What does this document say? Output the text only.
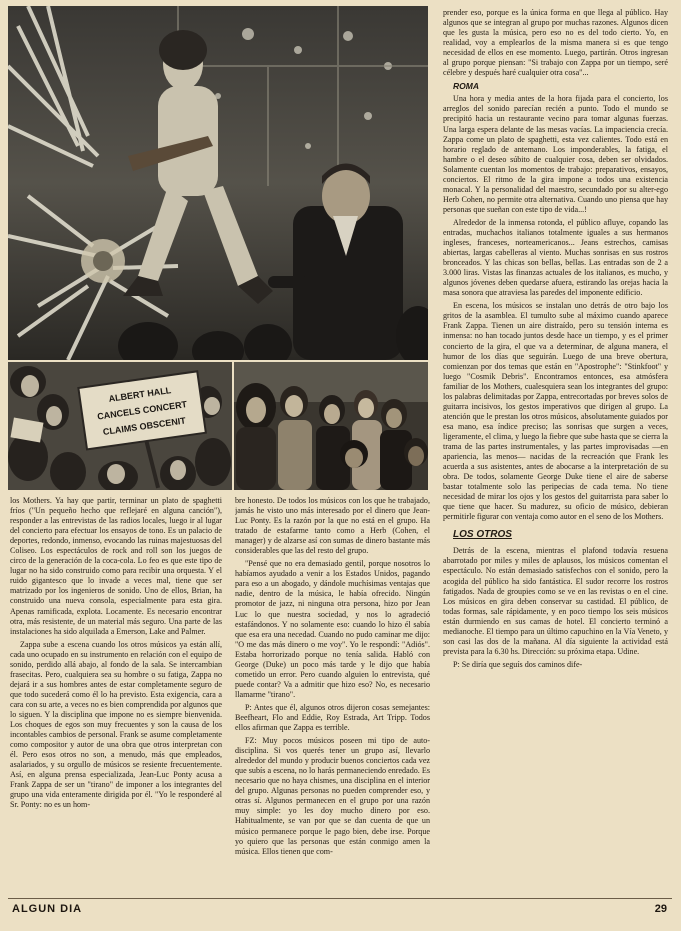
ALBERT HALL
CANCELS CONCERT
CLAIMS OBSCENIT

los Mothers. Ya hay que partir, terminar un plato de spaghetti fríos ("Un pequeño hecho que reflejaré en alguna canción"), responder a las entrevistas de las radios locales, luego ir al lugar del concierto para efectuar los ensayos de tono. Es un palacio de deportes, redondo, inmenso, evocando las ruinas majestuosas del Coliseo. Los espectáculos de rock and roll son los juegos de circo de la generación de la coca-cola. Lo feo es que este tipo de lugar no ha sido construido como para recibir una orquesta. Y el ruido gigantesco que lo invade a veces mal, tiene que ser matrizado por los ingenieros de sonido. Uno de ellos, Brian, ha construido una nueva consola, especialmente para esta gira. Apenas ramificada, explota. Locamente. Es necesario encontrar otra, más resistente, de un material más seguro. Una parte de las instalaciones ha sido alquilada a Emerson, Lake and Palmer.

Zappa sube a escena cuando los otros músicos ya están allí, cada uno ocupado en su instrumento en relación con el equipo de sonido, perdido allá abajo, al fondo de la sala. Se intercambian frasecitas. Pero, cualquiera sea su hombre o su fatiga, Zappa no dejará ir a sus hombres antes de estar completamente seguro de que todo sucederá como él lo ha previsto. Esta exigencia, cara a cara con su arte, a veces no es bien comprendida por algunos que lo siguen. Y la disciplina que impone no es siempre bienvenida. Los choques de egos son muy frecuentes y son la causa de los incontables cambios de personal. Frank se asume completamente como compositor y autor de una obra que otros interpretan con él. Pero esos otros no son, a menudo, más que empleados, asalariados, y su orgullo de músicos se resiente frecuentemente. Así, en alguna prensa especializada, Jean-Luc Ponty acusa a Frank Zappa de ser un "tirano" de imponer a los integrantes del grupo una vida enteramente dirigida por él. "Yo le responderé al Sr. Ponty: no es un hom-

bre honesto. De todos los músicos con los que he trabajado, jamás he visto uno más interesado por el dinero que Jean-Luc Ponty. Es la razón por la que no está en el grupo. Ha tratado de estafarme tanto como a Herb (Cohen, el manager) y de alzarse así con sumas de dinero bastante más considerables que las del resto del grupo.

"Pensé que no era demasiado gentil, porque nosotros lo habíamos ayudado a venir a los Estados Unidos, pagando para eso a un abogado, y dándole muchísimas ventajas que nadie, dentro de la música, le había ofrecido. Ningún promotor de jazz, ni ninguna otra persona, hizo por Jean Luc lo que nuestra sociedad, y nos lo agradeció estafándonos. Y no solamente eso: cuando lo hizo él sabía que esa era una necedad. Cuando no pudo caminar me dijo: "O me das más dinero o me voy". Yo le respondí: "Adiós". Estaba horrorizado porque no tenía salida. Habló con George (Duke) un poco más tarde y le dijo que había cometido un error. Pero cuando alguien lo entrevista, qué puede contar? Va a admitir que hizo eso? No, es necesario llamarme "tirano".

P: Antes que él, algunos otros dijeron cosas semejantes: Beefheart, Flo and Eddie, Roy Estrada, Art Tripp. Todos ellos afirman que Zappa es terrible.

FZ: Muy pocos músicos poseen mi tipo de auto-disciplina. Si vos querés tener un grupo así, llevarlo alrededor del mundo y producir buenos conciertos cada vez que subís a escena, no lo harás permaneciendo enredado. Es necesario que no haya chismes, una disciplina en el interior del grupo. Algunas personas no pueden comprender eso, y otras sí. Algunos permanecen en el grupo por una razón muy simple: yo les doy mucho dinero por eso. Habitualmente, se van por que se dan cuenta de que un músico permanece porque le pago bien, debe irse. Porque yo quiero que las personas que están conmigo amen la música. Ellos tienen que com-

prender eso, porque es la única forma en que llega al público. Hay algunos que se integran al grupo por muchas razones. Algunos dicen que les gusta la música, pero eso no es del todo cierto. Yo, en realidad, voy a emplearlos de la misma manera si es que tengo necesidad de ellos en ese momento. Luego, partirán. Otros ingresan al grupo porque piensan: "Si trabajo con Zappa por un tiempo, seré célebre y después haré cualquier otra cosa"...

ROMA

Una hora y media antes de la hora fijada para el concierto, los arreglos del sonido parecían recién a punto. Todo el mundo se precipitó hacia un restaurante vecino para tomar algunas fuerzas. Una larga espera delante de las mesas vacías. La impaciencia crecía. Zappa come un plato de spaghetti, esta vez calientes. Todo está en horario reglado de antemano. Los imponderables, la fatiga, el hambre o el deseo súbito de cualquier cosa, deben ser olvidados. Solamente cuentan los momentos de trabajo: preparativos, ensayos, conciertos. El ritmo de la gira impone a todos una existencia monacal. Y la personalidad del maestro, secundado por su alter-ego Herb Cohen, no permite otra alternativa. Cuando uno piensa que hay personas que sueñan con este tipo de vida...!

Alrededor de la inmensa rotonda, el público afluye, copando las entradas, muchachos italianos totalmente iguales a sus hermanos ingleses, franceses, norteamericanos... Jeans estrechos, camisas abiertas, largas cabelleras al viento. Muchas sonrisas en sus rostros bronceados. Y las chicas son bellas, bellas. Las entradas son de 2 a 3.000 liras. Vistas las finanzas actuales de los italianos, es mucho, y algunos jóvenes deben quedarse afuera, estirando las orejas hacia la masa sonora que atraviesa las paredes del imponente edificio.

En escena, los músicos se instalan uno detrás de otro bajo los gritos de la asamblea. El tumulto sube al máximo cuando aparece Frank Zappa. Tienen un aire distraído, pero su tensión interna es inmensa: no han tocado juntos desde hace un tiempo, y es el primer concierto de la gira, el que va a determinar, de alguna manera, el humor de los días que seguirán. Luego de una breve obertura, comienzan por dos temas que están en "Apostrophe": "Stinkfoot" y luego "Cosmik Debris". Encontramos entonces, esa atmósfera familiar de los Mothers, cualesquiera sean los integrantes del grupo: los palabras delimitadas por Zappa, entrecortadas por breves solos de guitarra incisivos, los gestos imperativos que dirigen al grupo. La atención que le prestan los otros músicos, absolutamente guiados por esa mano, esa índice preciso; las sonrisas que surgen a veces, ligeramente, el clima, y luego la fiebre que sube hasta que se cierra la trama de las partes instrumentales, y las partes improvisadas —en apariencia, las menos— nacidas de la recreación que Frank les acuerda a sus asistentes, antes de abocarse a la interpretación de su obra. De todos, solamente George Duke tiene el aire de saberse bastar totalmente solo las peripecias de cada tema. No tiene necesidad de mirar los ojos y los gestos del guitarrista para saber lo que tiene que hacer. Su madurez, su oficio de músico, debieran permitirle figurar con ventaja como autor en el seno de los Mothers.

LOS OTROS

Detrás de la escena, mientras el plafond todavía resuena abarrotado por miles y miles de aplausos, los músicos comentan el espectáculo. No están demasiado satisfechos con el sonido, pero la acogida del público ha sido fantástica. El sudor recorre los rostros fatigados. Nada de groupies como se ve en las revistas o en el cine. Los músicos en gira deben conservar su castidad. El público, de todas formas, sale rápidamente, y en poco tiempo los seis músicos están durmiendo en sus camas de hotel. El concierto terminó a medianoche. El tiempo para un último capuchino en la Vía Veneto, y son casi las dos de la mañana. Al día siguiente la actividad está prevista para la 6.30 hs. Dirección: su próxima etapa. Udine.

P: Se diría que seguís dos caminos dife-

ALGUN DIA	29
